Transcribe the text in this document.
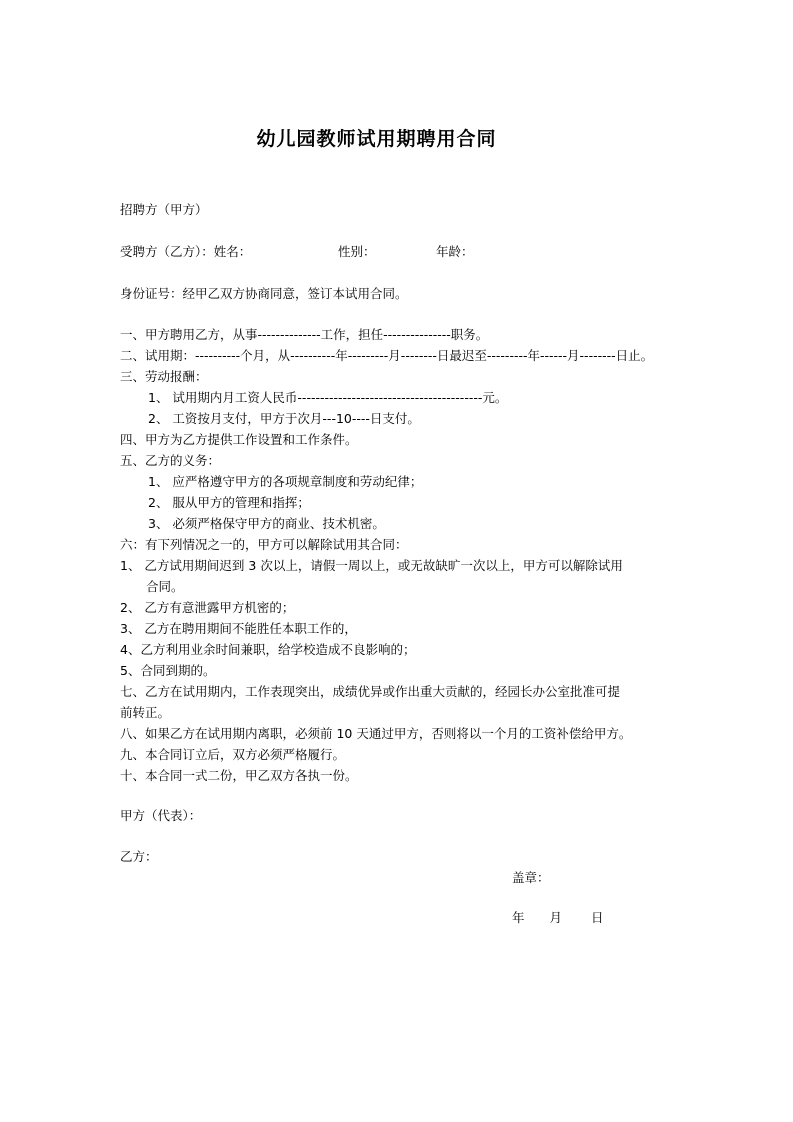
幼儿园教师试用期聘用合同
招聘方（甲方）
受聘方（乙方）：姓名：	性别：	年龄：
身份证号：经甲乙双方协商同意，签订本试用合同。
一、甲方聘用乙方，从事--------------工作，担任---------------职务。
二、试用期：----------个月，从----------年---------月--------日最迟至---------年------月--------日止。
三、劳动报酬：
1、 试用期内月工资人民币-----------------------------------------元。
2、 工资按月支付，甲方于次月---10----日支付。
四、甲方为乙方提供工作设置和工作条件。
五、乙方的义务：
1、 应严格遵守甲方的各项规章制度和劳动纪律；
2、 服从甲方的管理和指挥；
3、 必须严格保守甲方的商业、技术机密。
六：有下列情况之一的，甲方可以解除试用其合同：
1、 乙方试用期间迟到 3 次以上，请假一周以上，或无故缺旷一次以上，甲方可以解除试用
合同。
2、 乙方有意泄露甲方机密的；
3、 乙方在聘用期间不能胜任本职工作的，
4、乙方利用业余时间兼职，给学校造成不良影响的；
5、合同到期的。
七、乙方在试用期内，工作表现突出，成绩优异或作出重大贡献的，经园长办公室批准可提
前转正。
八、如果乙方在试用期内离职，必须前 10 天通过甲方，否则将以一个月的工资补偿给甲方。
九、本合同订立后，双方必须严格履行。
十、本合同一式二份，甲乙双方各执一份。
甲方（代表）：
乙方：
盖章：
年　　月　　 日
